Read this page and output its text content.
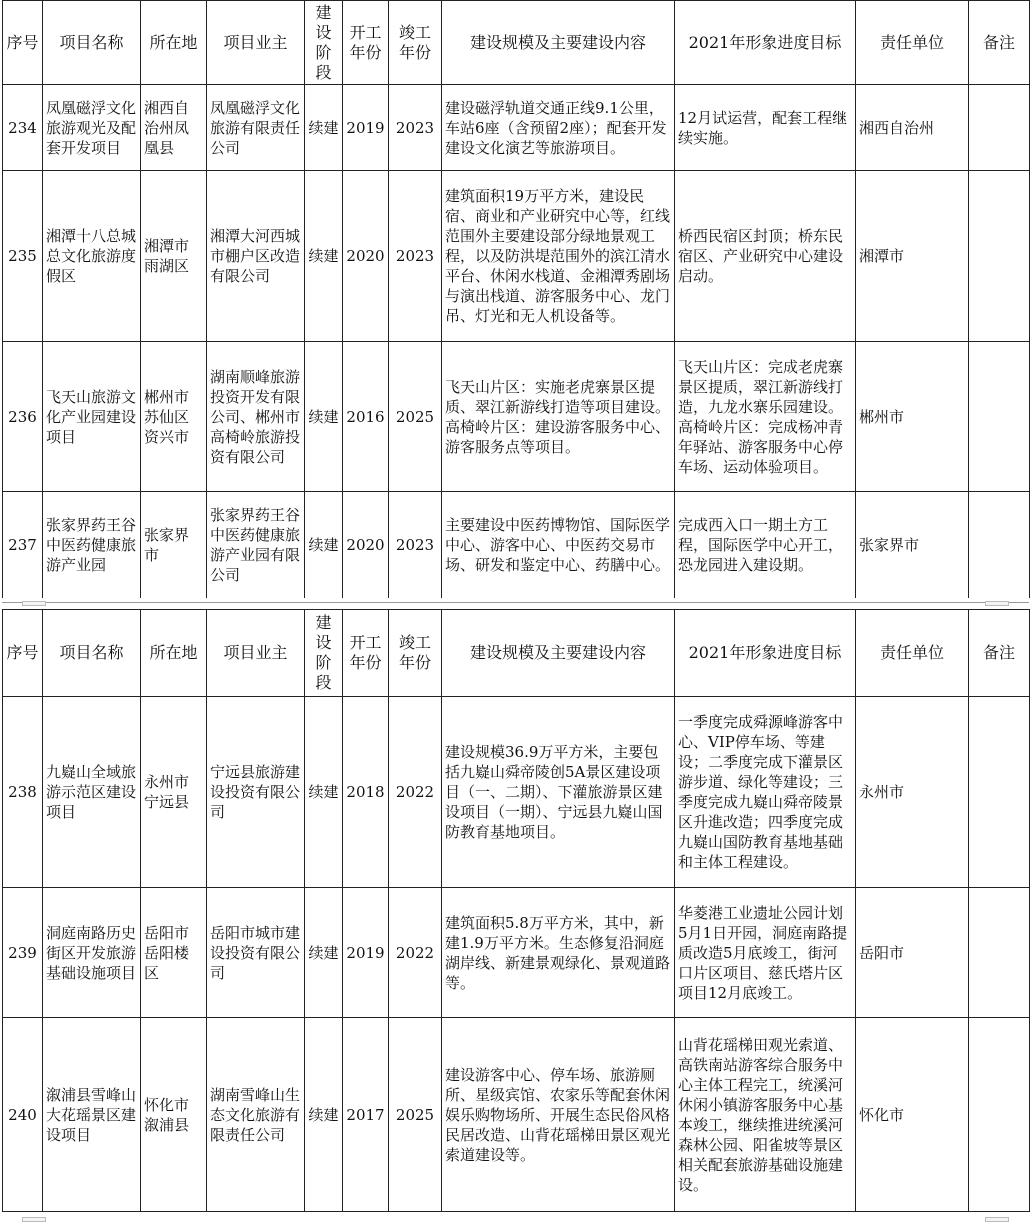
序号	项目名称	所在地	项目业主	建设阶段	开工年份	竣工年份	建设规模及主要建设内容	2021年形象进度目标	责任单位	备注
234	凤凰磁浮文化旅游观光及配套开发项目	湘西自治州凤凰县	凤凰磁浮文化旅游有限责任公司	续建	2019	2023	建设磁浮轨道交通正线9.1公里，车站6座（含预留2座）；配套开发建设文化演艺等旅游项目。	12月试运营，配套工程继续实施。	湘西自治州	
235	湘潭十八总城总文化旅游度假区	湘潭市雨湖区	湘潭大河西城市棚户区改造有限公司	续建	2020	2023	建筑面积19万平方米，建设民宿、商业和产业研究中心等，红线范围外主要建设部分绿地景观工程，以及防洪堤范围外的滨江清水平台、休闲水栈道、金湘潭秀剧场与演出栈道、游客服务中心、龙门吊、灯光和无人机设备等。	桥西民宿区封顶；桥东民宿区、产业研究中心建设启动。	湘潭市	
236	飞天山旅游文化产业园建设项目	郴州市苏仙区资兴市	湖南顺峰旅游投资开发有限公司、郴州市高椅岭旅游投资有限公司	续建	2016	2025	飞天山片区：实施老虎寨景区提质、翠江新游线打造等项目建设。高椅岭片区：建设游客服务中心、游客服务点等项目。	飞天山片区：完成老虎寨景区提质，翠江新游线打造，九龙水寨乐园建设。高椅岭片区：完成杨冲青年驿站、游客服务中心停车场、运动体验项目。	郴州市	
237	张家界药王谷中医药健康旅游产业园	张家界市	张家界药王谷中医药健康旅游产业园有限公司	续建	2020	2023	主要建设中医药博物馆、国际医学中心、游客中心、中医药交易市场、研发和鉴定中心、药膳中心。	完成西入口一期土方工程，国际医学中心开工，恐龙园进入建设期。	张家界市	
序号	项目名称	所在地	项目业主	建设阶段	开工年份	竣工年份	建设规模及主要建设内容	2021年形象进度目标	责任单位	备注
238	九嶷山全域旅游示范区建设项目	永州市宁远县	宁远县旅游建设投资有限公司	续建	2018	2022	建设规模36.9万平方米，主要包括九嶷山舜帝陵创5A景区建设项目（一、二期）、下灌旅游景区建设项目（一期）、宁远县九嶷山国防教育基地项目。	一季度完成舜源峰游客中心、VIP停车场、等建设；二季度完成下灌景区游步道、绿化等建设；三季度完成九嶷山舜帝陵景区升進改造；四季度完成九嶷山国防教育基地基础和主体工程建设。	永州市	
239	洞庭南路历史街区开发旅游基础设施项目	岳阳市岳阳楼区	岳阳市城市建设投资有限公司	续建	2019	2022	建筑面积5.8万平方米，其中，新建1.9万平方米。生态修复沿洞庭湖岸线、新建景观绿化、景观道路等。	华菱港工业遗址公园计划5月1日开园，洞庭南路提质改造5月底竣工，街河口片区项目、慈氏塔片区项目12月底竣工。	岳阳市	
240	溆浦县雪峰山大花瑶景区建设项目	怀化市溆浦县	湖南雪峰山生态文化旅游有限责任公司	续建	2017	2025	建设游客中心、停车场、旅游厕所、星级宾馆、农家乐等配套休闲娱乐购物场所、开展生态民俗风格民居改造、山背花瑶梯田景区观光索道建设等。	山背花瑶梯田观光索道、高铁南站游客综合服务中心主体工程完工，统溪河休闲小镇游客服务中心基本竣工，继续推进统溪河森林公园、阳雀坡等景区相关配套旅游基础设施建设。	怀化市	
